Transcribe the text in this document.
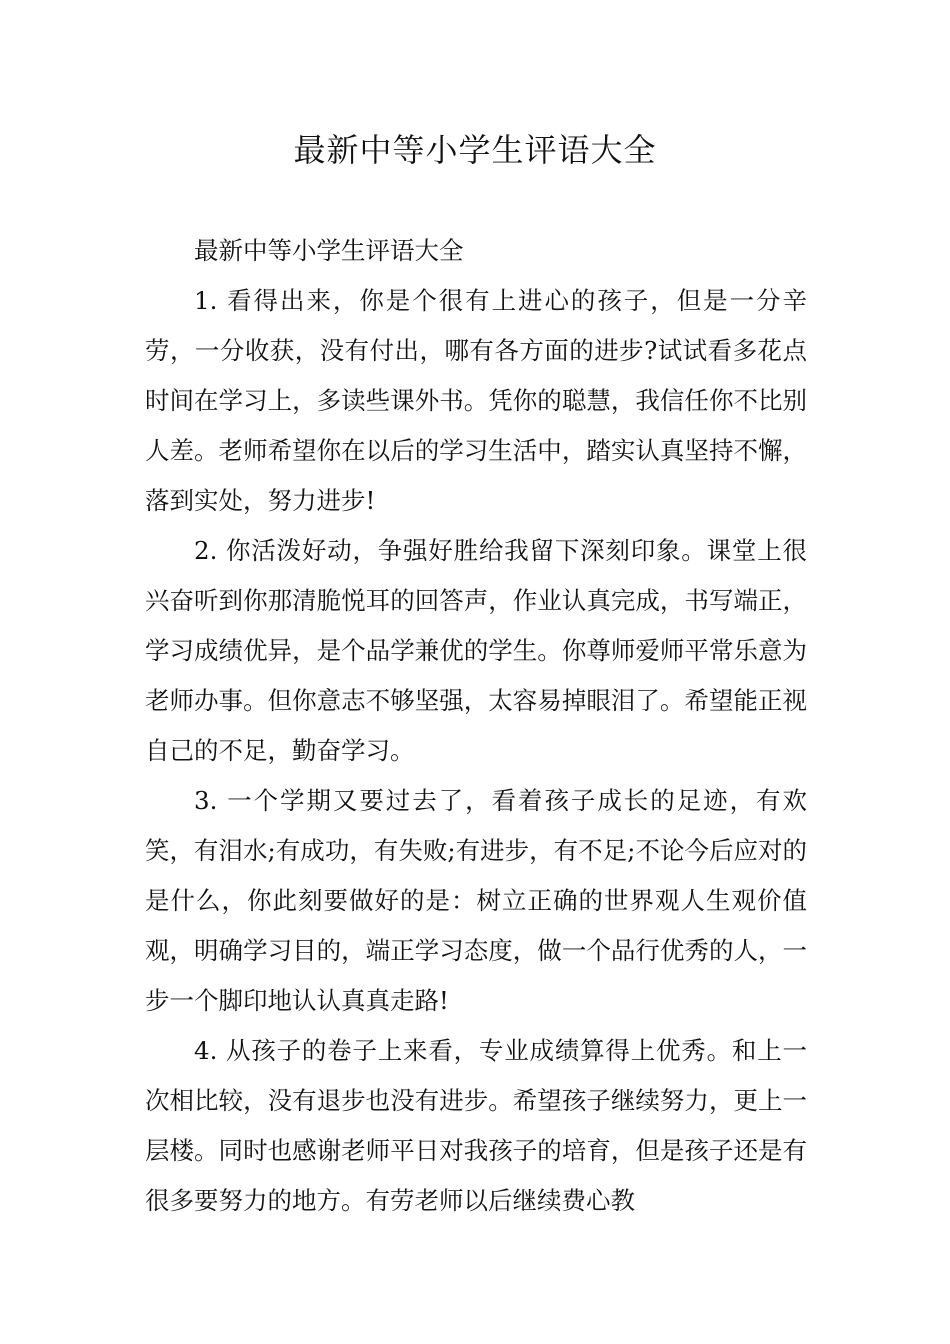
最新中等小学生评语大全

最新中等小学生评语大全

1. 看得出来，你是个很有上进心的孩子，但是一分辛劳，一分收获，没有付出，哪有各方面的进步?试试看多花点时间在学习上，多读些课外书。凭你的聪慧，我信任你不比别人差。老师希望你在以后的学习生活中，踏实认真坚持不懈，落到实处，努力进步!

2. 你活泼好动，争强好胜给我留下深刻印象。课堂上很兴奋听到你那清脆悦耳的回答声，作业认真完成，书写端正，学习成绩优异，是个品学兼优的学生。你尊师爱师平常乐意为老师办事。但你意志不够坚强，太容易掉眼泪了。希望能正视自己的不足，勤奋学习。

3. 一个学期又要过去了，看着孩子成长的足迹，有欢笑，有泪水;有成功，有失败;有进步，有不足;不论今后应对的是什么，你此刻要做好的是：树立正确的世界观人生观价值观，明确学习目的，端正学习态度，做一个品行优秀的人，一步一个脚印地认认真真走路!

4. 从孩子的卷子上来看，专业成绩算得上优秀。和上一次相比较，没有退步也没有进步。希望孩子继续努力，更上一层楼。同时也感谢老师平日对我孩子的培育，但是孩子还是有很多要努力的地方。有劳老师以后继续费心教
